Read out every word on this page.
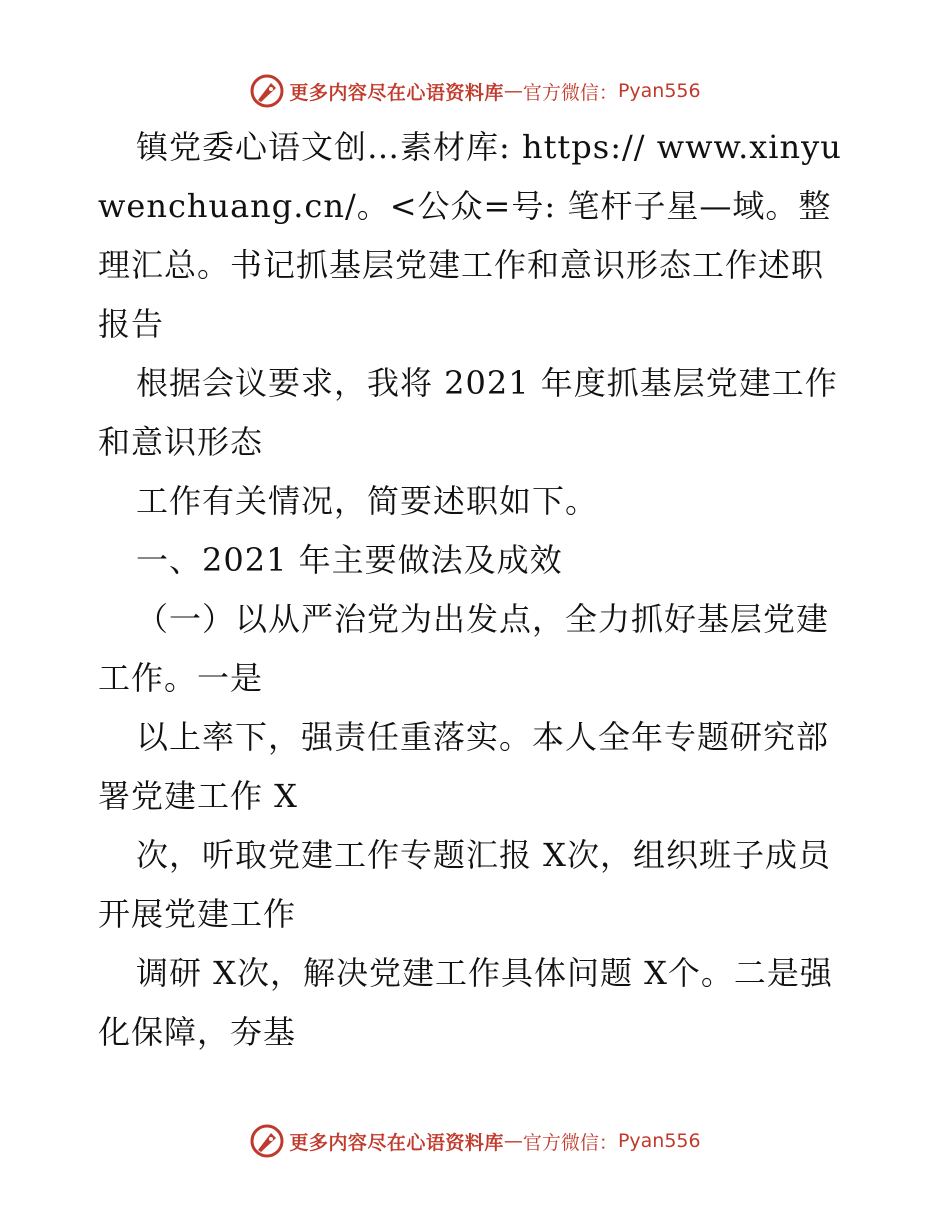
更多内容尽在心语资料库 — 官方微信： Pyan556

镇党委心语文创…素材库: https:// www.xinyuwenchuang.cn/。<公众=号: 笔杆子星—域。整理汇总。书记抓基层党建工作和意识形态工作述职报告

根据会议要求，我将 2021 年度抓基层党建工作和意识形态

工作有关情况，简要述职如下。

一、2021 年主要做法及成效

（一）以从严治党为出发点，全力抓好基层党建工作。一是

以上率下，强责任重落实。本人全年专题研究部署党建工作 X

次，听取党建工作专题汇报 X次，组织班子成员开展党建工作

调研 X次，解决党建工作具体问题 X个。二是强化保障，夯基

更多内容尽在心语资料库 — 官方微信： Pyan556
